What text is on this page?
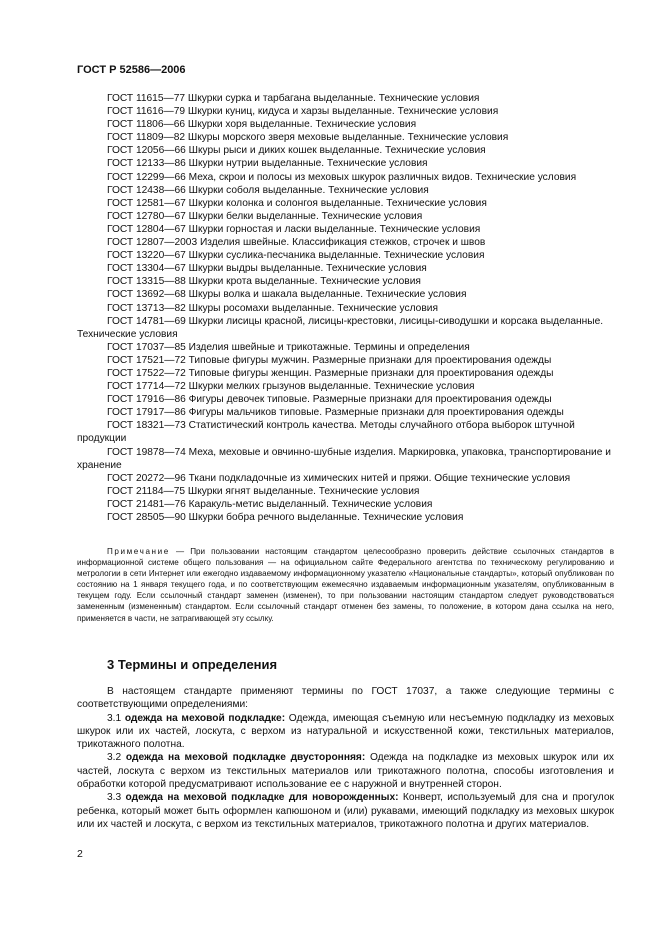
ГОСТ Р 52586—2006

ГОСТ 11615—77 Шкурки сурка и тарбагана выделанные. Технические условия

ГОСТ 11616—79 Шкурки куниц, кидуса и харзы выделанные. Технические условия

ГОСТ 11806—66 Шкурки хоря выделанные. Технические условия

ГОСТ 11809—82 Шкуры морского зверя меховые выделанные. Технические условия

ГОСТ 12056—66 Шкуры рыси и диких кошек выделанные. Технические условия

ГОСТ 12133—86 Шкурки нутрии выделанные. Технические условия

ГОСТ 12299—66 Меха, скрои и полосы из меховых шкурок различных видов. Технические условия

ГОСТ 12438—66 Шкурки соболя выделанные. Технические условия

ГОСТ 12581—67 Шкурки колонка и солонгоя выделанные. Технические условия

ГОСТ 12780—67 Шкурки белки выделанные. Технические условия

ГОСТ 12804—67 Шкурки горностая и ласки выделанные. Технические условия

ГОСТ 12807—2003 Изделия швейные. Классификация стежков, строчек и швов

ГОСТ 13220—67 Шкурки суслика-песчаника выделанные. Технические условия

ГОСТ 13304—67 Шкурки выдры выделанные. Технические условия

ГОСТ 13315—88 Шкурки крота выделанные. Технические условия

ГОСТ 13692—68 Шкуры волка и шакала выделанные. Технические условия

ГОСТ 13713—82 Шкуры росомахи выделанные. Технические условия

ГОСТ 14781—69 Шкурки лисицы красной, лисицы-крестовки, лисицы-сиводушки и корсака выделанные. Технические условия

ГОСТ 17037—85 Изделия швейные и трикотажные. Термины и определения

ГОСТ 17521—72 Типовые фигуры мужчин. Размерные признаки для проектирования одежды

ГОСТ 17522—72 Типовые фигуры женщин. Размерные признаки для проектирования одежды

ГОСТ 17714—72 Шкурки мелких грызунов выделанные. Технические условия

ГОСТ 17916—86 Фигуры девочек типовые. Размерные признаки для проектирования одежды

ГОСТ 17917—86 Фигуры мальчиков типовые. Размерные признаки для проектирования одежды

ГОСТ 18321—73 Статистический контроль качества. Методы случайного отбора выборок штучной продукции

ГОСТ 19878—74 Меха, меховые и овчинно-шубные изделия. Маркировка, упаковка, транспортирование и хранение

ГОСТ 20272—96 Ткани подкладочные из химических нитей и пряжи. Общие технические условия

ГОСТ 21184—75 Шкурки ягнят выделанные. Технические условия

ГОСТ 21481—76 Каракуль-метис выделанный. Технические условия

ГОСТ 28505—90 Шкурки бобра речного выделанные. Технические условия

Примечание — При пользовании настоящим стандартом целесообразно проверить действие ссылочных стандартов в информационной системе общего пользования — на официальном сайте Федерального агентства по техническому регулированию и метрологии в сети Интернет или ежегодно издаваемому информационному указателю «Национальные стандарты», который опубликован по состоянию на 1 января текущего года, и по соответствующим ежемесячно издаваемым информационным указателям, опубликованным в текущем году. Если ссылочный стандарт заменен (изменен), то при пользовании настоящим стандартом следует руководствоваться замененным (измененным) стандартом. Если ссылочный стандарт отменен без замены, то положение, в котором дана ссылка на него, применяется в части, не затрагивающей эту ссылку.

3 Термины и определения

В настоящем стандарте применяют термины по ГОСТ 17037, а также следующие термины с соответствующими определениями:

3.1 одежда на меховой подкладке: Одежда, имеющая съемную или несъемную подкладку из меховых шкурок или их частей, лоскута, с верхом из натуральной и искусственной кожи, текстильных материалов, трикотажного полотна.

3.2 одежда на меховой подкладке двусторонняя: Одежда на подкладке из меховых шкурок или их частей, лоскута с верхом из текстильных материалов или трикотажного полотна, способы изготовления и обработки которой предусматривают использование ее с наружной и внутренней сторон.

3.3 одежда на меховой подкладке для новорожденных: Конверт, используемый для сна и прогулок ребенка, который может быть оформлен капюшоном и (или) рукавами, имеющий подкладку из меховых шкурок или их частей и лоскута, с верхом из текстильных материалов, трикотажного полотна и других материалов.

2
